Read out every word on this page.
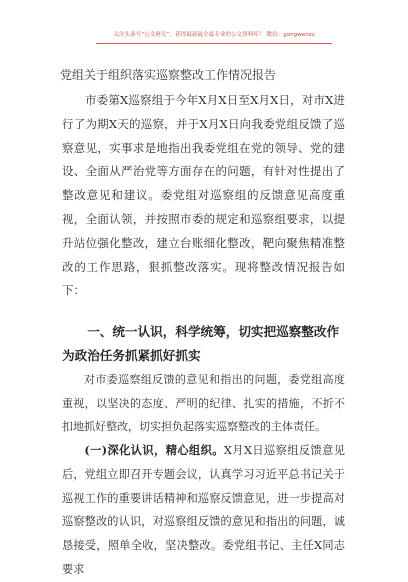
关注头条号“公文研究”，获得最新最全最专业的公文资料库！ 微信：gongwenzz
党组关于组织落实巡察整改工作情况报告

市委第X巡察组于今年X月X日至X月X日，对市X进行了为期X天的巡察，并于X月X日向我委党组反馈了巡察意见，实事求是地指出我委党组在党的领导、党的建设、全面从严治党等方面存在的问题，有针对性提出了整改意见和建议。委党组对巡察组的反馈意见高度重视，全面认领，并按照市委的规定和巡察组要求，以提升站位强化整改，建立台账细化整改，靶向聚焦精准整改的工作思路，狠抓整改落实。现将整改情况报告如下：

一、统一认识，科学统筹，切实把巡察整改作为政治任务抓紧抓好抓实

对市委巡察组反馈的意见和指出的问题，委党组高度重视，以坚决的态度、严明的纪律、扎实的措施，不折不扣地抓好整改，切实担负起落实巡察整改的主体责任。

(一)深化认识，精心组织。X月X日巡察组反馈意见后，党组立即召开专题会议，认真学习习近平总书记关于巡视工作的重要讲话精神和巡察反馈意见，进一步提高对巡察整改的认识，对巡察组反馈的意见和指出的问题，诚恳接受，照单全收，坚决整改。委党组书记、主任X同志要求
